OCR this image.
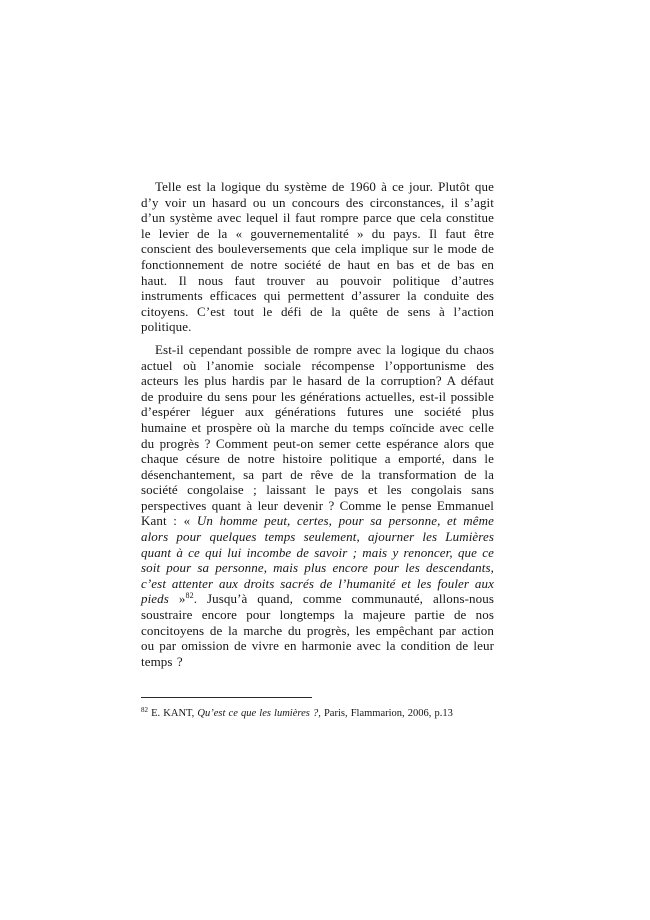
Telle est la logique du système de 1960 à ce jour. Plutôt que d’y voir un hasard ou un concours des circonstances, il s’agit d’un système avec lequel il faut rompre parce que cela constitue le levier de la « gouvernementalité » du pays. Il faut être conscient des bouleversements que cela implique sur le mode de fonctionnement de notre société de haut en bas et de bas en haut. Il nous faut trouver au pouvoir politique d’autres instruments efficaces qui permettent d’assurer la conduite des citoyens. C’est tout le défi de la quête de sens à l’action politique.

Est-il cependant possible de rompre avec la logique du chaos actuel où l’anomie sociale récompense l’opportunisme des acteurs les plus hardis par le hasard de la corruption? A défaut de produire du sens pour les générations actuelles, est-il possible d’espérer léguer aux générations futures une société plus humaine et prospère où la marche du temps coïncide avec celle du progrès ? Comment peut-on semer cette espérance alors que chaque césure de notre histoire politique a emporté, dans le désenchantement, sa part de rêve de la transformation de la société congolaise ; laissant le pays et les congolais sans perspectives quant à leur devenir ? Comme le pense Emmanuel Kant : « Un homme peut, certes, pour sa personne, et même alors pour quelques temps seulement, ajourner les Lumières quant à ce qui lui incombe de savoir ; mais y renoncer, que ce soit pour sa personne, mais plus encore pour les descendants, c’est attenter aux droits sacrés de l’humanité et les fouler aux pieds »$^{82}$. Jusqu’à quand, comme communauté, allons-nous soustraire encore pour longtemps la majeure partie de nos concitoyens de la marche du progrès, les empêchant par action ou par omission de vivre en harmonie avec la condition de leur temps ?

$^{82}$ E. KANT, Qu’est ce que les lumières ?, Paris, Flammarion, 2006, p.13
